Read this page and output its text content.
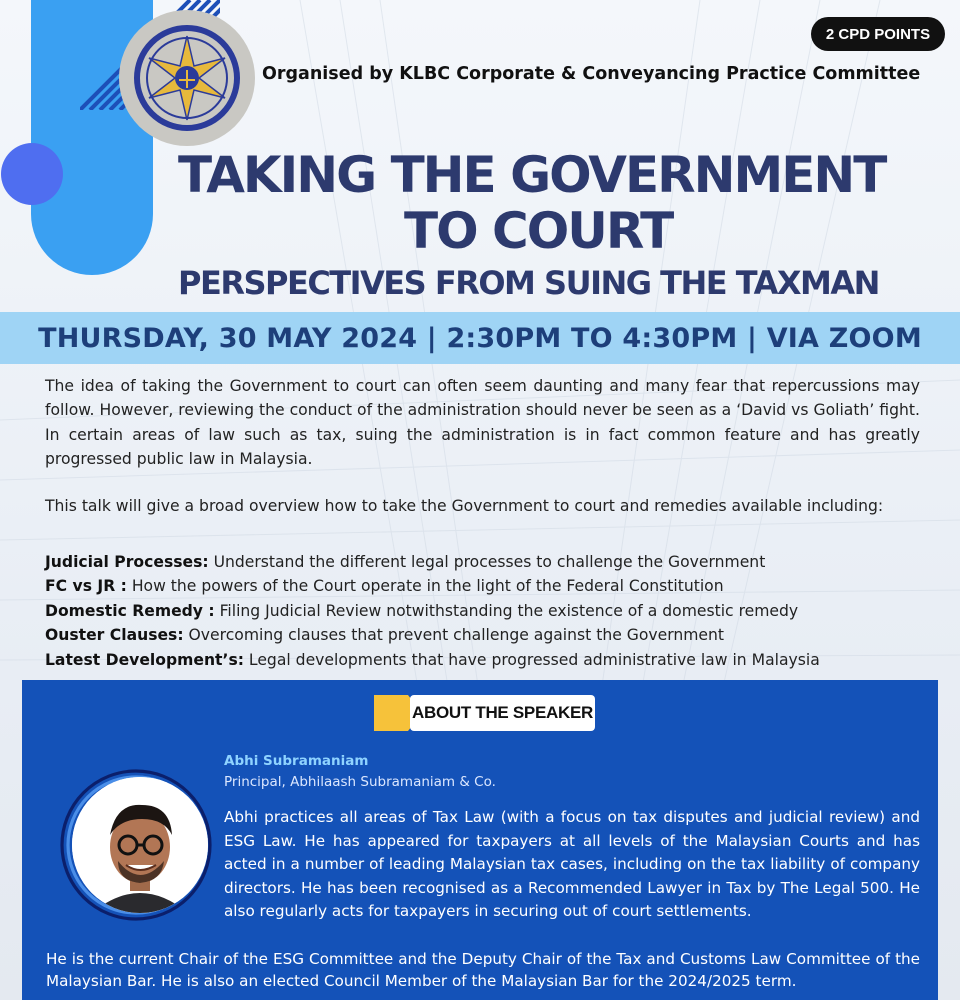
2 CPD POINTS
Organised by KLBC Corporate & Conveyancing Practice Committee
TAKING THE GOVERNMENT
TO COURT
PERSPECTIVES FROM SUING THE TAXMAN
THURSDAY, 30 MAY 2024 | 2:30PM TO 4:30PM | VIA ZOOM
The idea of taking the Government to court can often seem daunting and many fear that repercussions may follow. However, reviewing the conduct of the administration should never be seen as a ‘David vs Goliath’ fight. In certain areas of law such as tax, suing the administration is in fact common feature and has greatly progressed public law in Malaysia.
This talk will give a broad overview how to take the Government to court and remedies available including:
Judicial Processes: Understand the different legal processes to challenge the Government
FC vs JR : How the powers of the Court operate in the light of the Federal Constitution
Domestic Remedy : Filing Judicial Review notwithstanding the existence of a domestic remedy
Ouster Clauses: Overcoming clauses that prevent challenge against the Government
Latest Development’s: Legal developments that have progressed administrative law in Malaysia
ABOUT THE SPEAKER
Abhi Subramaniam
Principal, Abhilaash Subramaniam & Co.
Abhi practices all areas of Tax Law (with a focus on tax disputes and judicial review) and ESG Law. He has appeared for taxpayers at all levels of the Malaysian Courts and has acted in a number of leading Malaysian tax cases, including on the tax liability of company directors. He has been recognised as a Recommended Lawyer in Tax by The Legal 500. He also regularly acts for taxpayers in securing out of court settlements.
He is the current Chair of the ESG Committee and the Deputy Chair of the Tax and Customs Law Committee of the Malaysian Bar. He is also an elected Council Member of the Malaysian Bar for the 2024/2025 term.
